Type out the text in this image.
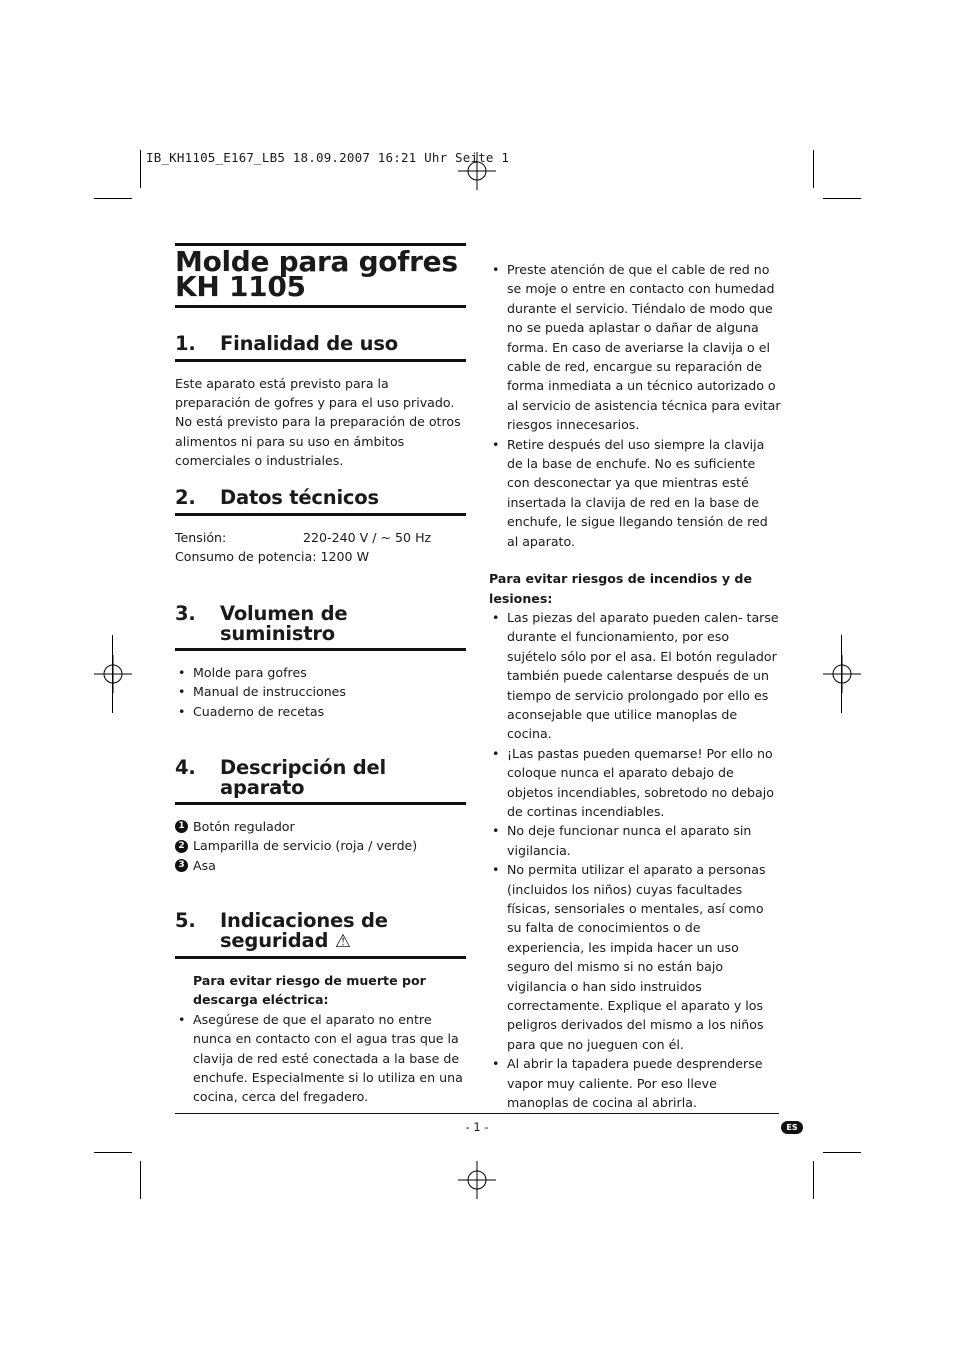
IB_KH1105_E167_LB5 18.09.2007 16:21 Uhr Seite 1
Molde para gofres
KH 1105
1.	Finalidad de uso

Este aparato está previsto para la preparación de gofres y para el uso privado. No está previsto para la preparación de otros alimentos ni para su uso en ámbitos comerciales o industriales.

2.	Datos técnicos
Tensión:	220-240 V / ~ 50 Hz
Consumo de potencia: 1200 W
3.	Volumen de suministro
• Molde para gofres
• Manual de instrucciones
• Cuaderno de recetas
4.	Descripción del aparato
1 Botón regulador
2 Lamparilla de servicio (roja / verde)
3 Asa
5.	Indicaciones de seguridad ⚠

Para evitar riesgo de muerte por descarga eléctrica:

• Asegúrese de que el aparato no entre nunca en contacto con el agua tras que la clavija de red esté conectada a la base de enchufe. Especialmente si lo utiliza en una cocina, cerca del fregadero.
• Preste atención de que el cable de red no se moje o entre en contacto con humedad durante el servicio. Tiéndalo de modo que no se pueda aplastar o dañar de alguna forma. En caso de averiarse la clavija o el cable de red, encargue su reparación de forma inmediata a un técnico autorizado o al servicio de asistencia técnica para evitar riesgos innecesarios.
• Retire después del uso siempre la clavija de la base de enchufe. No es suficiente con desconectar ya que mientras esté insertada la clavija de red en la base de enchufe, le sigue llegando tensión de red al aparato.

Para evitar riesgos de incendios y de lesiones:

• Las piezas del aparato pueden calen- tarse durante el funcionamiento, por eso sujételo sólo por el asa. El botón regulador también puede calentarse después de un tiempo de servicio prolongado por ello es aconsejable que utilice manoplas de cocina.
• ¡Las pastas pueden quemarse! Por ello no coloque nunca el aparato debajo de objetos incendiables, sobretodo no debajo de cortinas incendiables.
• No deje funcionar nunca el aparato sin vigilancia.
• No permita utilizar el aparato a personas (incluidos los niños) cuyas facultades físicas, sensoriales o mentales, así como su falta de conocimientos o de experiencia, les impida hacer un uso seguro del mismo si no están bajo vigilancia o han sido instruidos correctamente. Explique el aparato y los peligros derivados del mismo a los niños para que no jueguen con él.
• Al abrir la tapadera puede desprenderse vapor muy caliente. Por eso lleve manoplas de cocina al abrirla.
- 1 -	ES
